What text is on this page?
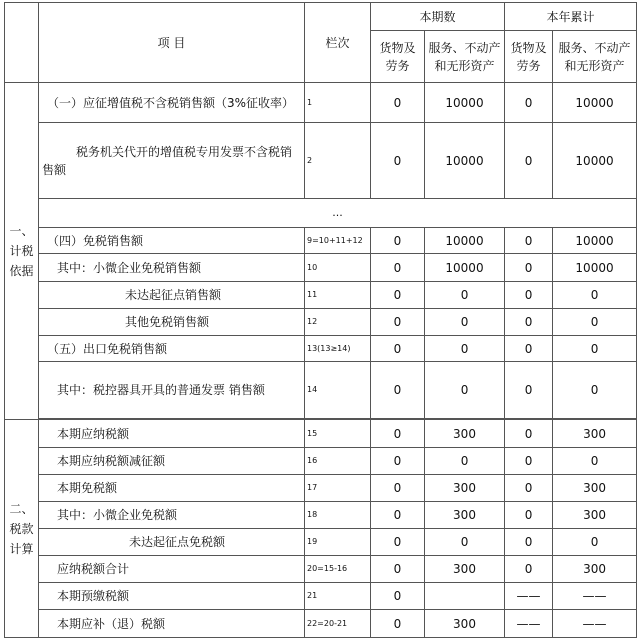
	项 目	栏次	本期数		本年累计	
			货物及劳务	服务、不动产和无形资产	货物及劳务	服务、不动产和无形资产
一、计税依据	（一）应征增值税不含税销售额（3%征收率）	1	0	10000	0	10000
	税务机关代开的增值税专用发票不含税销售额	2	0	10000	0	10000
	...					
	（四）免税销售额	9=10+11+12	0	10000	0	10000
	其中：小微企业免税销售额	10	0	10000	0	10000
	未达起征点销售额	11	0	0	0	0
	其他免税销售额	12	0	0	0	0
	（五）出口免税销售额	13(13≥14)	0	0	0	0
	其中：税控器具开具的普通发票 销售额	14	0	0	0	0

二、税款计算	本期应纳税额	15	0	300	0	300
	本期应纳税额减征额	16	0	0	0	0
	本期免税额	17	0	300	0	300
	其中：小微企业免税额	18	0	300	0	300
	未达起征点免税额	19	0	0	0	0
	应纳税额合计	20=15-16	0	300	0	300
	本期预缴税额	21	0		——	——
	本期应补（退）税额	22=20-21	0	300	——	——
